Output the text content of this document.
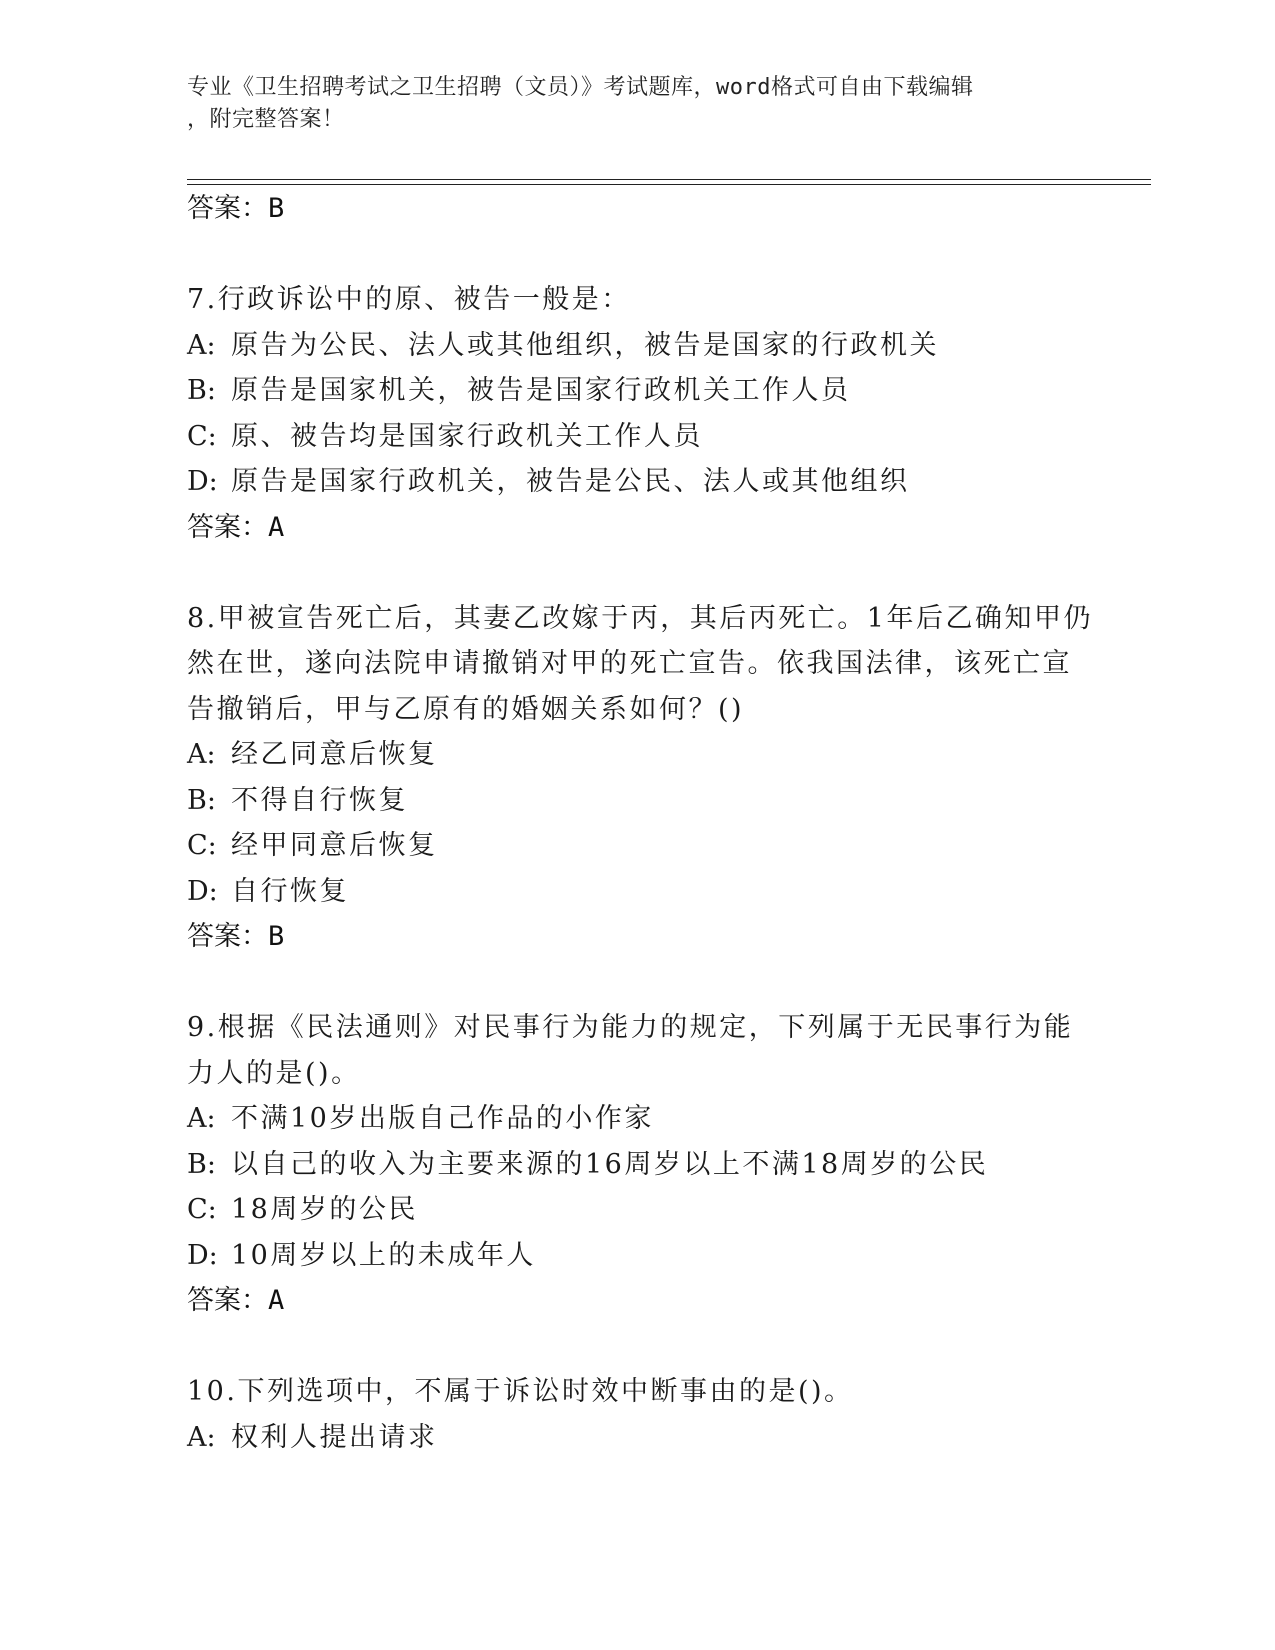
专业《卫生招聘考试之卫生招聘（文员）》考试题库，word格式可自由下载编辑
，附完整答案！
答案：B
7.行政诉讼中的原、被告一般是：
A: 原告为公民、法人或其他组织，被告是国家的行政机关
B: 原告是国家机关，被告是国家行政机关工作人员
C: 原、被告均是国家行政机关工作人员
D: 原告是国家行政机关，被告是公民、法人或其他组织
答案：A
8.甲被宣告死亡后，其妻乙改嫁于丙，其后丙死亡。1年后乙确知甲仍
然在世，遂向法院申请撤销对甲的死亡宣告。依我国法律，该死亡宣
告撤销后，甲与乙原有的婚姻关系如何？()
A: 经乙同意后恢复
B: 不得自行恢复
C: 经甲同意后恢复
D: 自行恢复
答案：B
9.根据《民法通则》对民事行为能力的规定，下列属于无民事行为能
力人的是()。
A: 不满10岁出版自己作品的小作家
B: 以自己的收入为主要来源的16周岁以上不满18周岁的公民
C: 18周岁的公民
D: 10周岁以上的未成年人
答案：A
10.下列选项中，不属于诉讼时效中断事由的是()。
A: 权利人提出请求
